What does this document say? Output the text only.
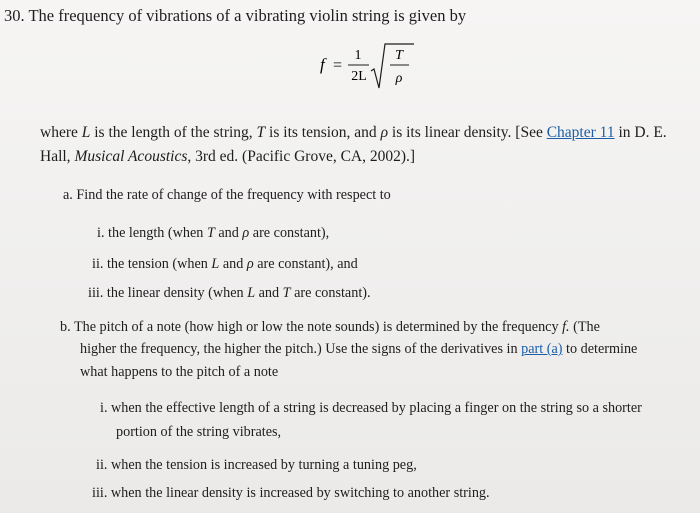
30. The frequency of vibrations of a vibrating violin string is given by
f =
1
2L
T
ρ
where L is the length of the string, T is its tension, and ρ is its linear density. [See Chapter 11 in D. E.
Hall, Musical Acoustics, 3rd ed. (Pacific Grove, CA, 2002).]
a. Find the rate of change of the frequency with respect to
i. the length (when T and ρ are constant),
ii. the tension (when L and ρ are constant), and
iii. the linear density (when L and T are constant).
b. The pitch of a note (how high or low the note sounds) is determined by the frequency f. (The
higher the frequency, the higher the pitch.) Use the signs of the derivatives in part (a) to determine
what happens to the pitch of a note
i. when the effective length of a string is decreased by placing a finger on the string so a shorter
portion of the string vibrates,
ii. when the tension is increased by turning a tuning peg,
iii. when the linear density is increased by switching to another string.
